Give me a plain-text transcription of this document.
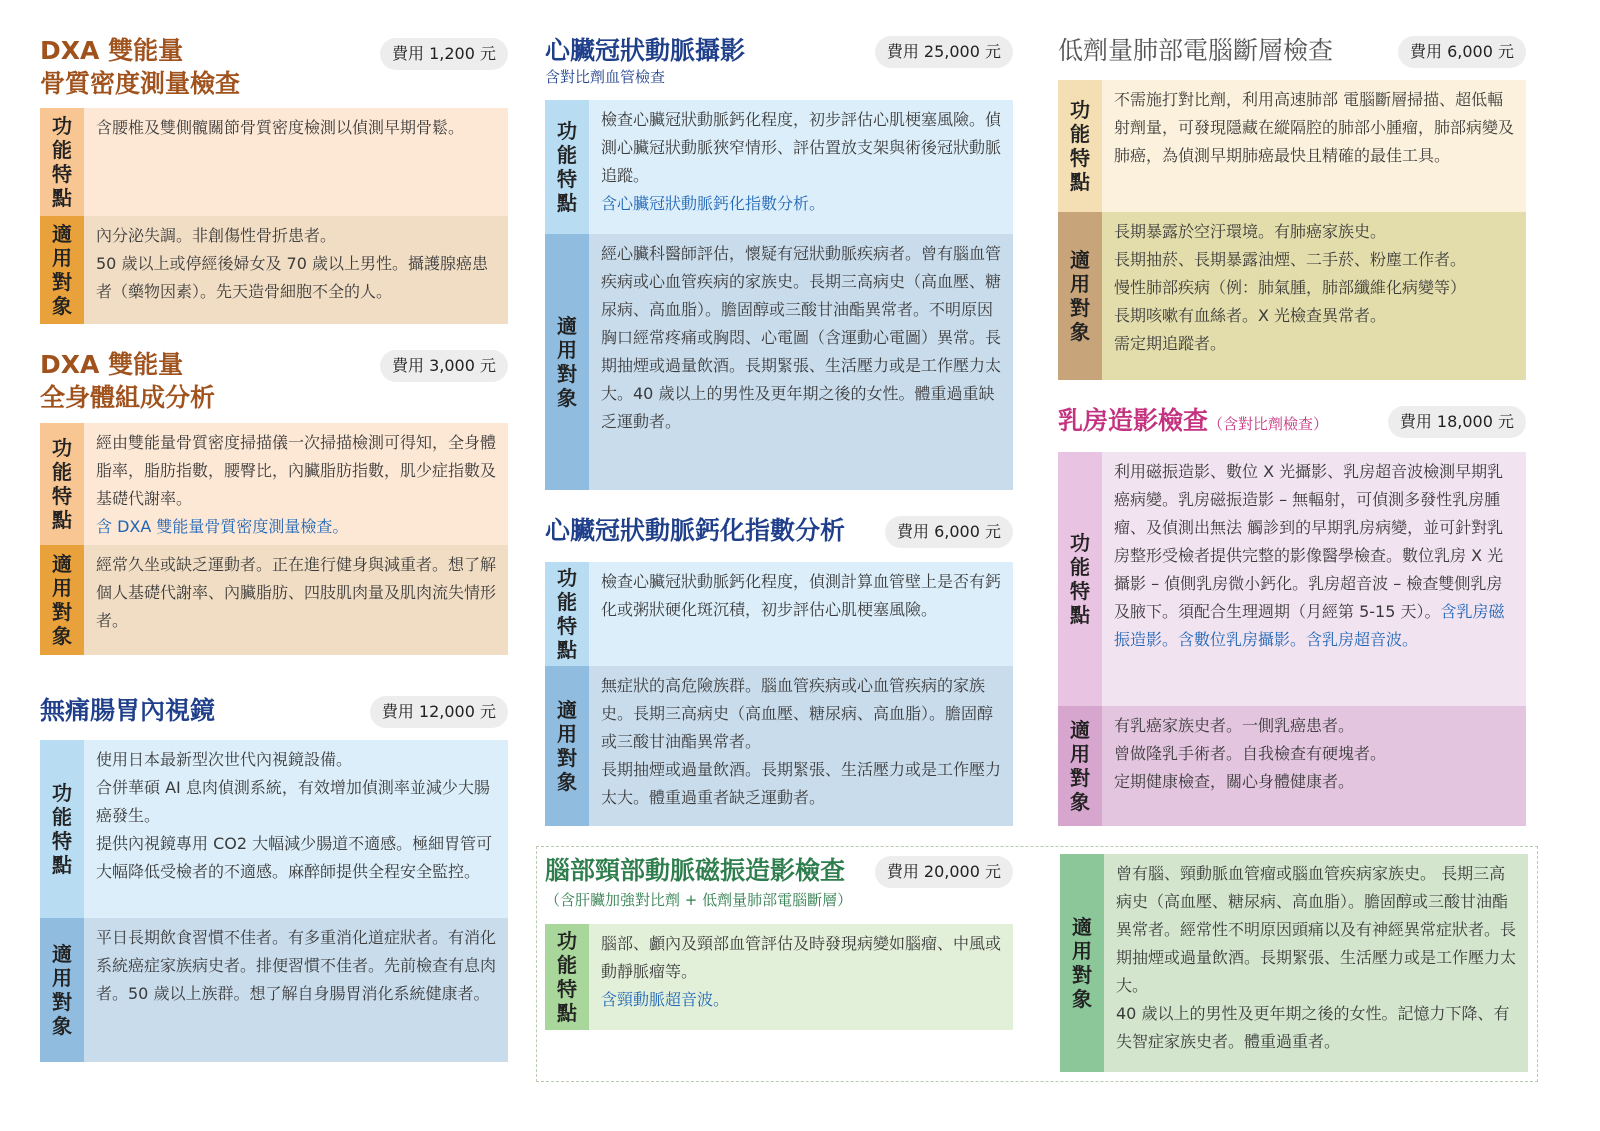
DXA 雙能量
骨質密度測量檢查
費用 1,200 元
功能特點

含腰椎及雙側髖關節骨質密度檢測以偵測早期骨鬆。

適用對象

內分泌失調。非創傷性骨折患者。

50 歲以上或停經後婦女及 70 歲以上男性。攝護腺癌患者（藥物因素）。先天造骨細胞不全的人。

DXA 雙能量
全身體組成分析
費用 3,000 元
功能特點

經由雙能量骨質密度掃描儀一次掃描檢測可得知，全身體脂率，脂肪指數，腰臀比，內臟脂肪指數，肌少症指數及基礎代謝率。

含 DXA 雙能量骨質密度測量檢查。

適用對象

經常久坐或缺乏運動者。正在進行健身與減重者。想了解個人基礎代謝率、內臟脂肪、四肢肌肉量及肌肉流失情形者。

無痛腸胃內視鏡	費用 12,000 元
功能特點

使用日本最新型次世代內視鏡設備。

合併華碩 AI 息肉偵測系統，有效增加偵測率並減少大腸癌發生。

提供內視鏡專用 CO2 大幅減少腸道不適感。極細胃管可大幅降低受檢者的不適感。麻醉師提供全程安全監控。

適用對象

平日長期飲食習慣不佳者。有多重消化道症狀者。有消化系統癌症家族病史者。排便習慣不佳者。先前檢查有息肉者。50 歲以上族群。想了解自身腸胃消化系統健康者。

心臟冠狀動脈攝影
含對比劑血管檢查
費用 25,000 元
功能特點

檢查心臟冠狀動脈鈣化程度，初步評估心肌梗塞風險。偵測心臟冠狀動脈狹窄情形、評估置放支架與術後冠狀動脈追蹤。

含心臟冠狀動脈鈣化指數分析。

適用對象

經心臟科醫師評估，懷疑有冠狀動脈疾病者。曾有腦血管疾病或心血管疾病的家族史。長期三高病史（高血壓、糖尿病、高血脂）。膽固醇或三酸甘油酯異常者。不明原因胸口經常疼痛或胸悶、心電圖（含運動心電圖）異常。長期抽煙或過量飲酒。長期緊張、生活壓力或是工作壓力太大。40 歲以上的男性及更年期之後的女性。體重過重缺乏運動者。

心臟冠狀動脈鈣化指數分析	費用 6,000 元
功能特點

檢查心臟冠狀動脈鈣化程度，偵測計算血管壁上是否有鈣化或粥狀硬化斑沉積，初步評估心肌梗塞風險。

適用對象

無症狀的高危險族群。腦血管疾病或心血管疾病的家族史。長期三高病史（高血壓、糖尿病、高血脂）。膽固醇或三酸甘油酯異常者。

長期抽煙或過量飲酒。長期緊張、生活壓力或是工作壓力太大。體重過重者缺乏運動者。

腦部頸部動脈磁振造影檢查
（含肝臟加強對比劑 + 低劑量肺部電腦斷層）
費用 20,000 元
功能特點

腦部、顱內及頸部血管評估及時發現病變如腦瘤、中風或動靜脈瘤等。

含頸動脈超音波。

適用對象

曾有腦、頸動脈血管瘤或腦血管疾病家族史。 長期三高病史（高血壓、糖尿病、高血脂）。膽固醇或三酸甘油酯異常者。經常性不明原因頭痛以及有神經異常症狀者。長期抽煙或過量飲酒。長期緊張、生活壓力或是工作壓力太大。

40 歲以上的男性及更年期之後的女性。記憶力下降、有失智症家族史者。體重過重者。

低劑量肺部電腦斷層檢查	費用 6,000 元
功能特點

不需施打對比劑，利用高速肺部 電腦斷層掃描、超低輻射劑量，可發現隱藏在縱隔腔的肺部小腫瘤，肺部病變及肺癌，為偵測早期肺癌最快且精確的最佳工具。

適用對象

長期暴露於空汙環境。有肺癌家族史。

長期抽菸、長期暴露油煙、二手菸、粉塵工作者。

慢性肺部疾病（例：肺氣腫，肺部纖維化病變等）

長期咳嗽有血絲者。X 光檢查異常者。

需定期追蹤者。

乳房造影檢查（含對比劑檢查）	費用 18,000 元
功能特點
利用磁振造影、數位 X 光攝影、乳房超音波檢測早期乳癌病變。乳房磁振造影 – 無輻射，可偵測多發性乳房腫瘤、及偵測出無法 觸診到的早期乳房病變，並可針對乳房整形受檢者提供完整的影像醫學檢查。數位乳房 X 光攝影 – 偵側乳房微小鈣化。乳房超音波 – 檢查雙側乳房及腋下。須配合生理週期（月經第 5-15 天）。含乳房磁振造影。含數位乳房攝影。含乳房超音波。
適用對象

有乳癌家族史者。一側乳癌患者。

曾做隆乳手術者。自我檢查有硬塊者。

定期健康檢查，關心身體健康者。
